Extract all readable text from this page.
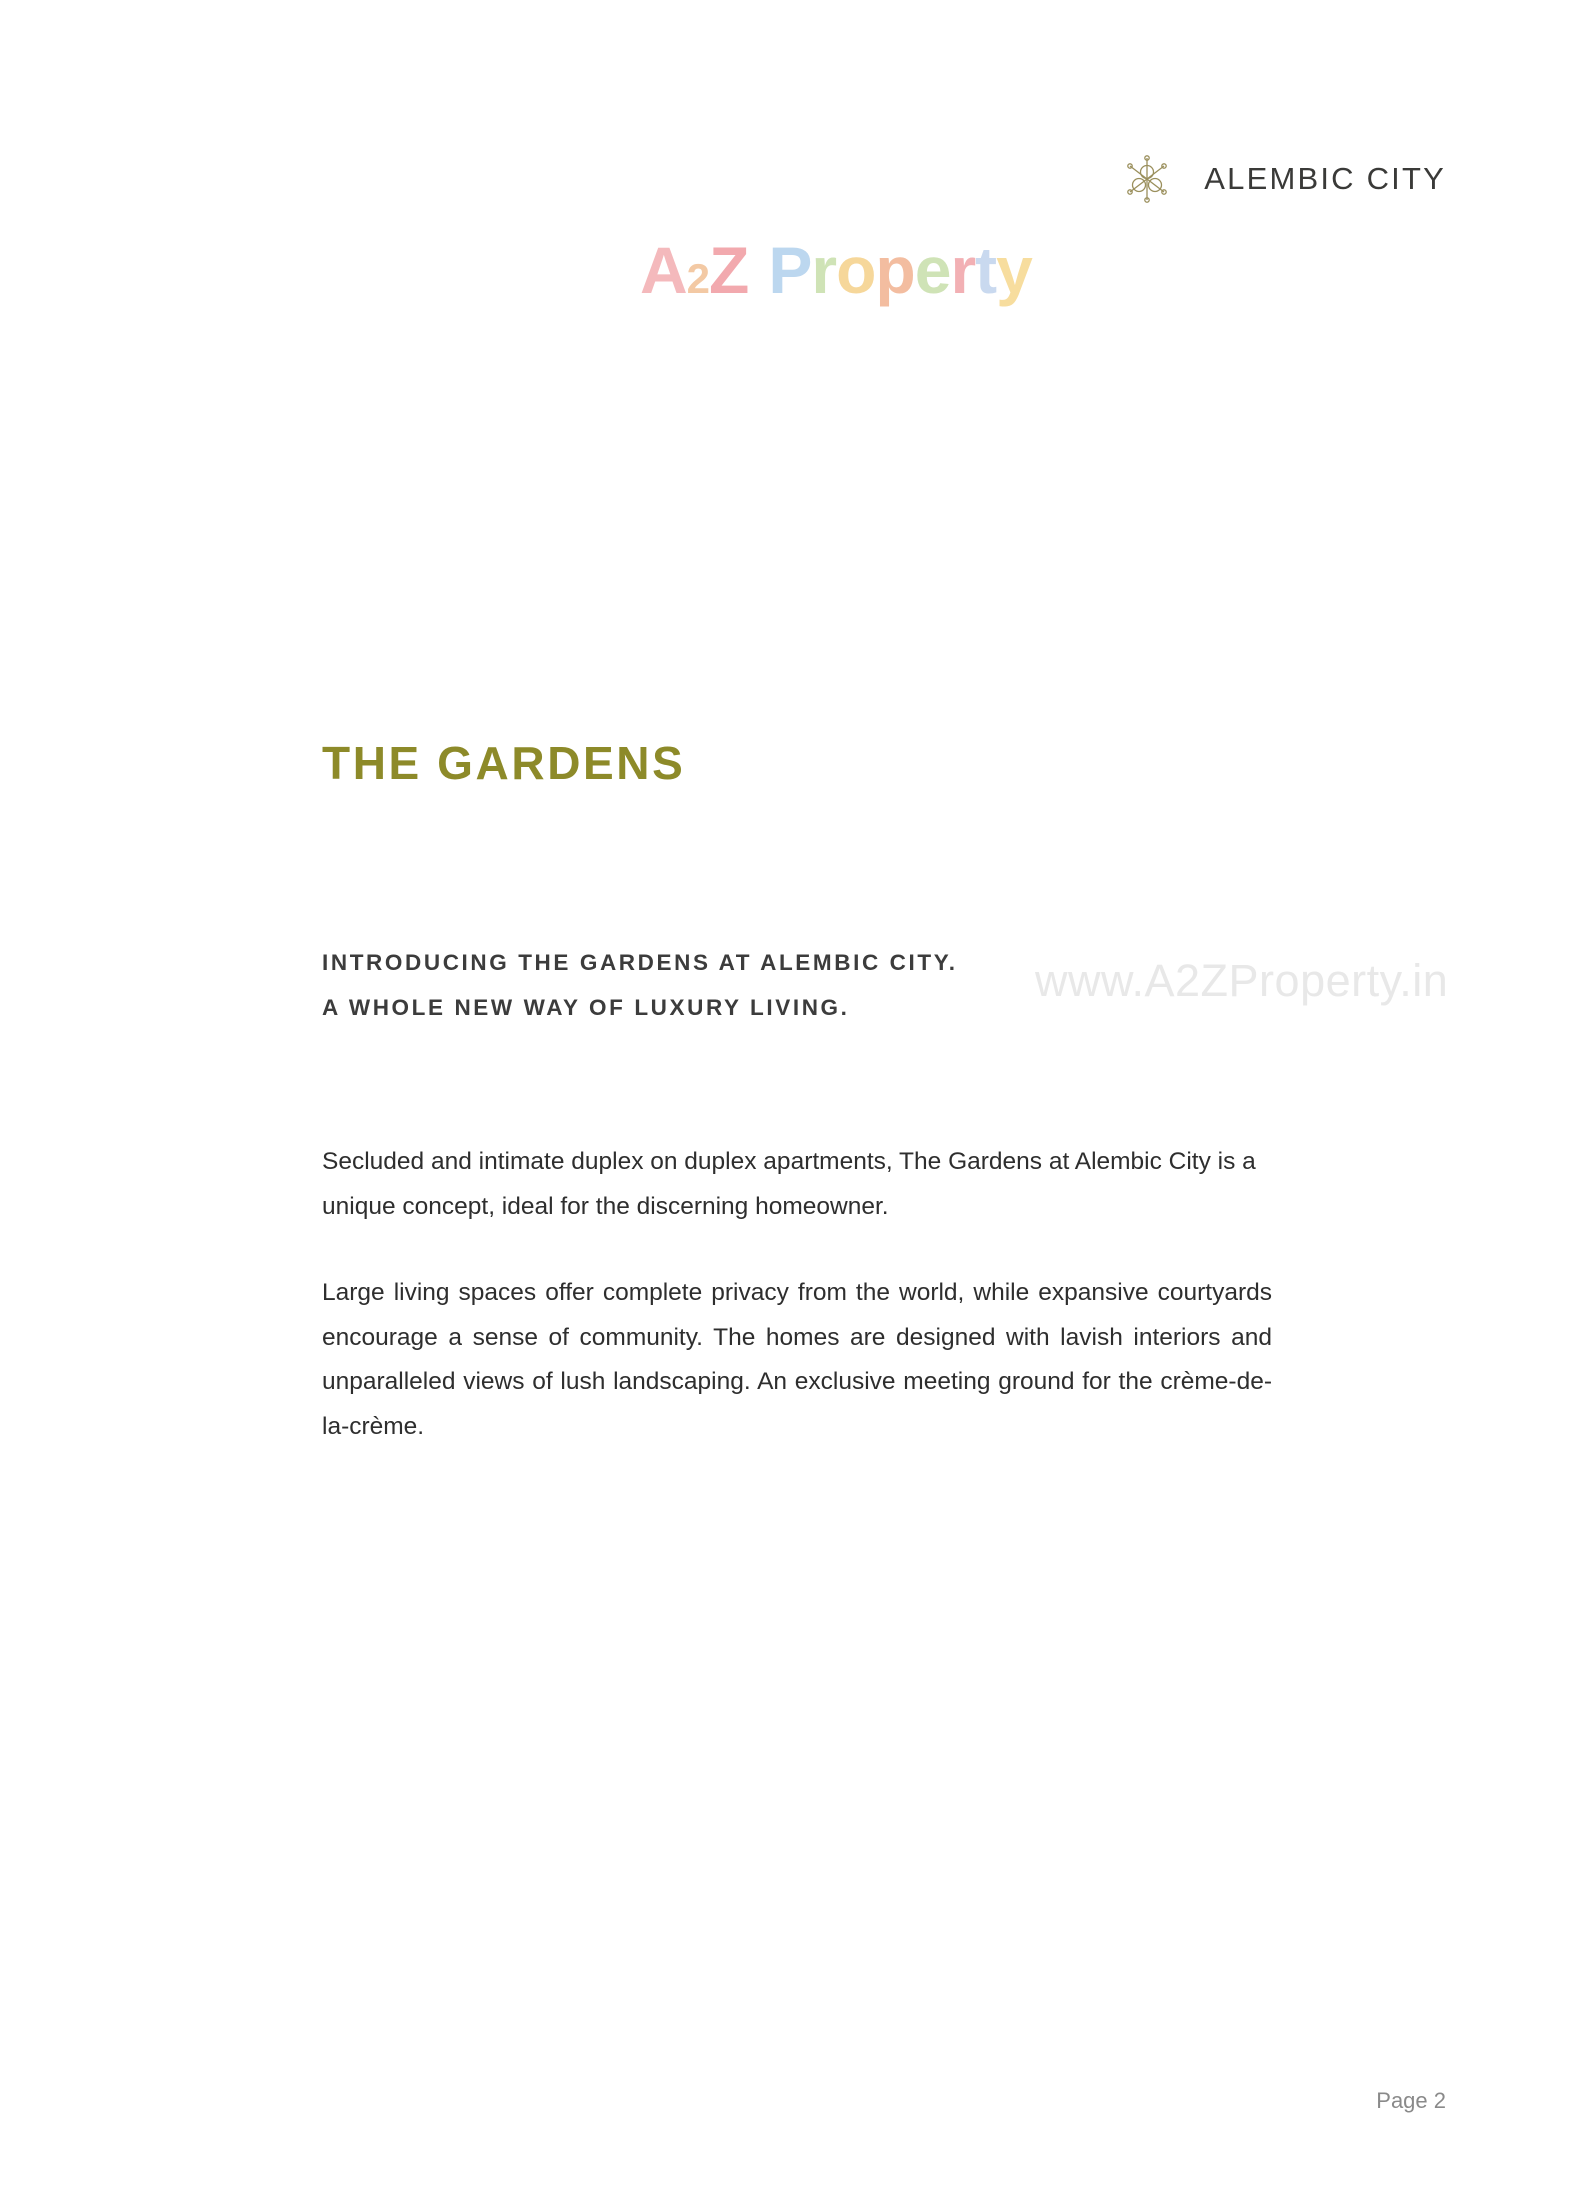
ALEMBIC CITY
A2Z Property
www.A2ZProperty.in
THE GARDENS
INTRODUCING THE GARDENS AT ALEMBIC CITY.
A WHOLE NEW WAY OF LUXURY LIVING.

Secluded and intimate duplex on duplex apartments, The Gardens at Alembic City is a unique concept, ideal for the discerning homeowner.

Large living spaces offer complete privacy from the world, while expansive courtyards encourage a sense of community. The homes are designed with lavish interiors and unparalleled views of lush landscaping. An exclusive meeting ground for the crème-de-la-crème.

Page 2
